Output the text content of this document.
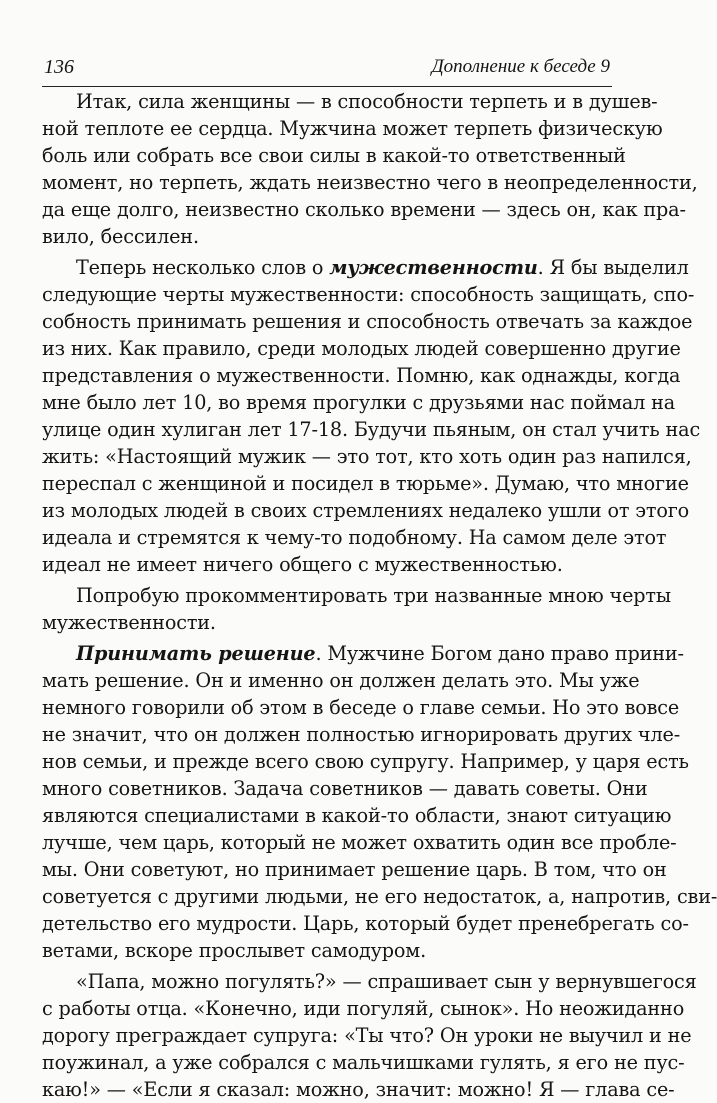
136	Дополнение к беседе 9
Итак, сила женщины — в способности терпеть и в душев-
ной теплоте ее сердца. Мужчина может терпеть физическую
боль или собрать все свои силы в какой-то ответственный
момент, но терпеть, ждать неизвестно чего в неопределенности,
да еще долго, неизвестно сколько времени — здесь он, как пра-
вило, бессилен.
Теперь несколько слов о мужественности. Я бы выделил
следующие черты мужественности: способность защищать, спо-
собность принимать решения и способность отвечать за каждое
из них. Как правило, среди молодых людей совершенно другие
представления о мужественности. Помню, как однажды, когда
мне было лет 10, во время прогулки с друзьями нас поймал на
улице один хулиган лет 17-18. Будучи пьяным, он стал учить нас
жить: «Настоящий мужик — это тот, кто хоть один раз напился,
переспал с женщиной и посидел в тюрьме». Думаю, что многие
из молодых людей в своих стремлениях недалеко ушли от этого
идеала и стремятся к чему-то подобному. На самом деле этот
идеал не имеет ничего общего с мужественностью.
Попробую прокомментировать три названные мною черты
мужественности.
Принимать решение. Мужчине Богом дано право прини-
мать решение. Он и именно он должен делать это. Мы уже
немного говорили об этом в беседе о главе семьи. Но это вовсе
не значит, что он должен полностью игнорировать других чле-
нов семьи, и прежде всего свою супругу. Например, у царя есть
много советников. Задача советников — давать советы. Они
являются специалистами в какой-то области, знают ситуацию
лучше, чем царь, который не может охватить один все пробле-
мы. Они советуют, но принимает решение царь. В том, что он
советуется с другими людьми, не его недостаток, а, напротив, сви-
детельство его мудрости. Царь, который будет пренебрегать со-
ветами, вскоре прослывет самодуром.
«Папа, можно погулять?» — спрашивает сын у вернувшегося
с работы отца. «Конечно, иди погуляй, сынок». Но неожиданно
дорогу преграждает супруга: «Ты что? Он уроки не выучил и не
поужинал, а уже собрался с мальчишками гулять, я его не пус-
каю!» — «Если я сказал: можно, значит: можно! Я — глава се-
